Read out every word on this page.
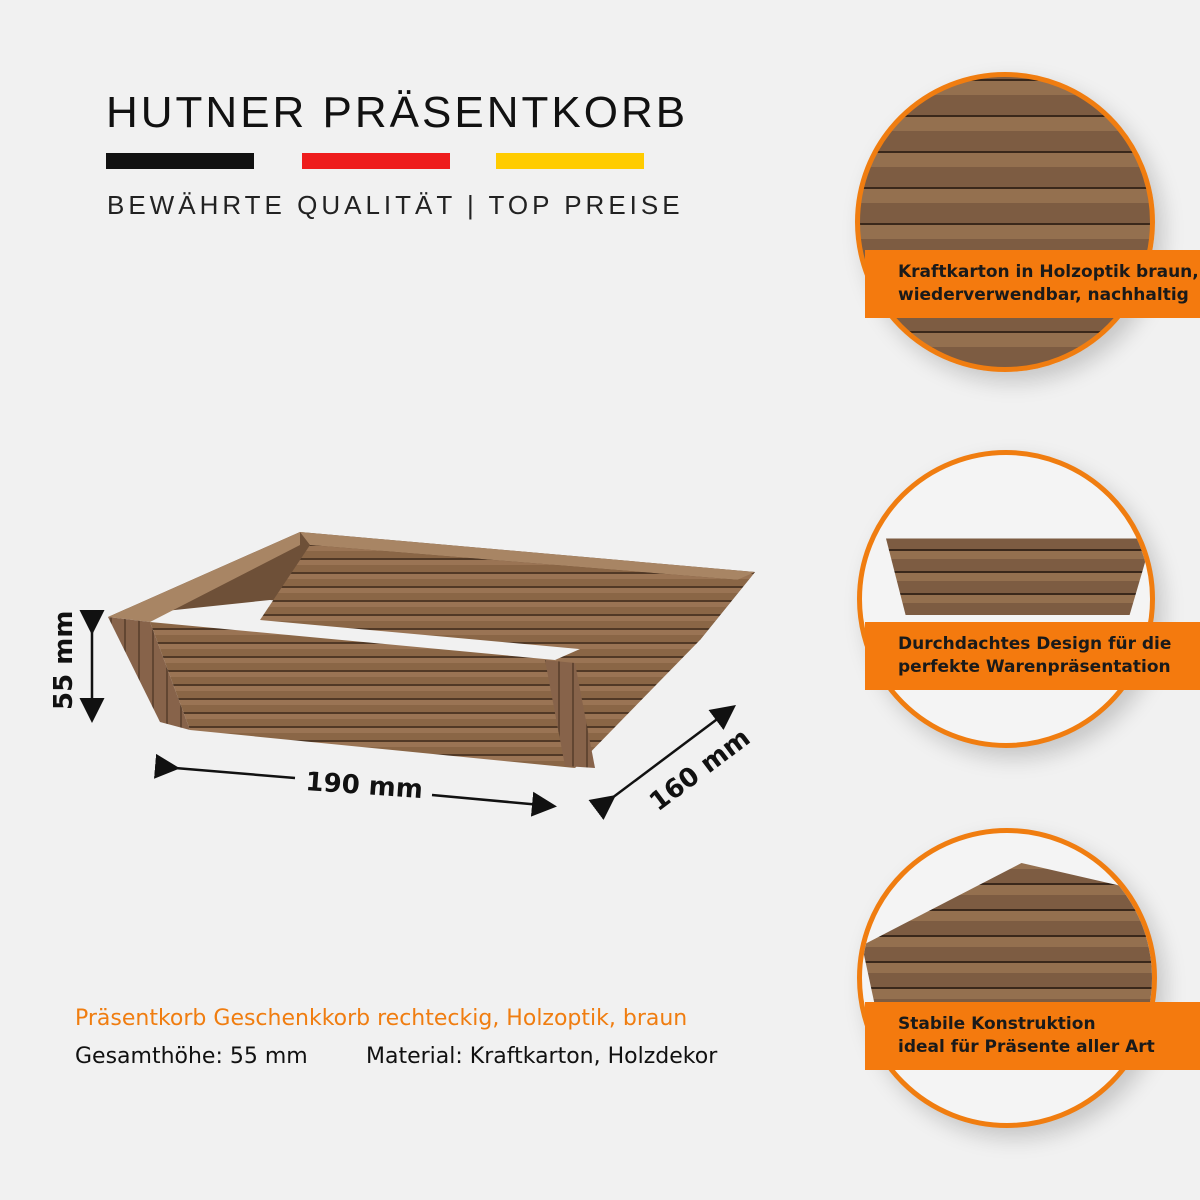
HUTNER PRÄSENTKORB
BEWÄHRTE QUALITÄT | TOP PREISE
55 mm
190 mm	160 mm
Kraftkarton in Holzoptik braun,
wiederverwendbar, nachhaltig
Durchdachtes Design für die
perfekte Warenpräsentation
Stabile Konstruktion
ideal für Präsente aller Art
Präsentkorb Geschenkkorb rechteckig, Holzoptik, braun
Gesamthöhe: 55 mm	Material: Kraftkarton, Holzdekor
